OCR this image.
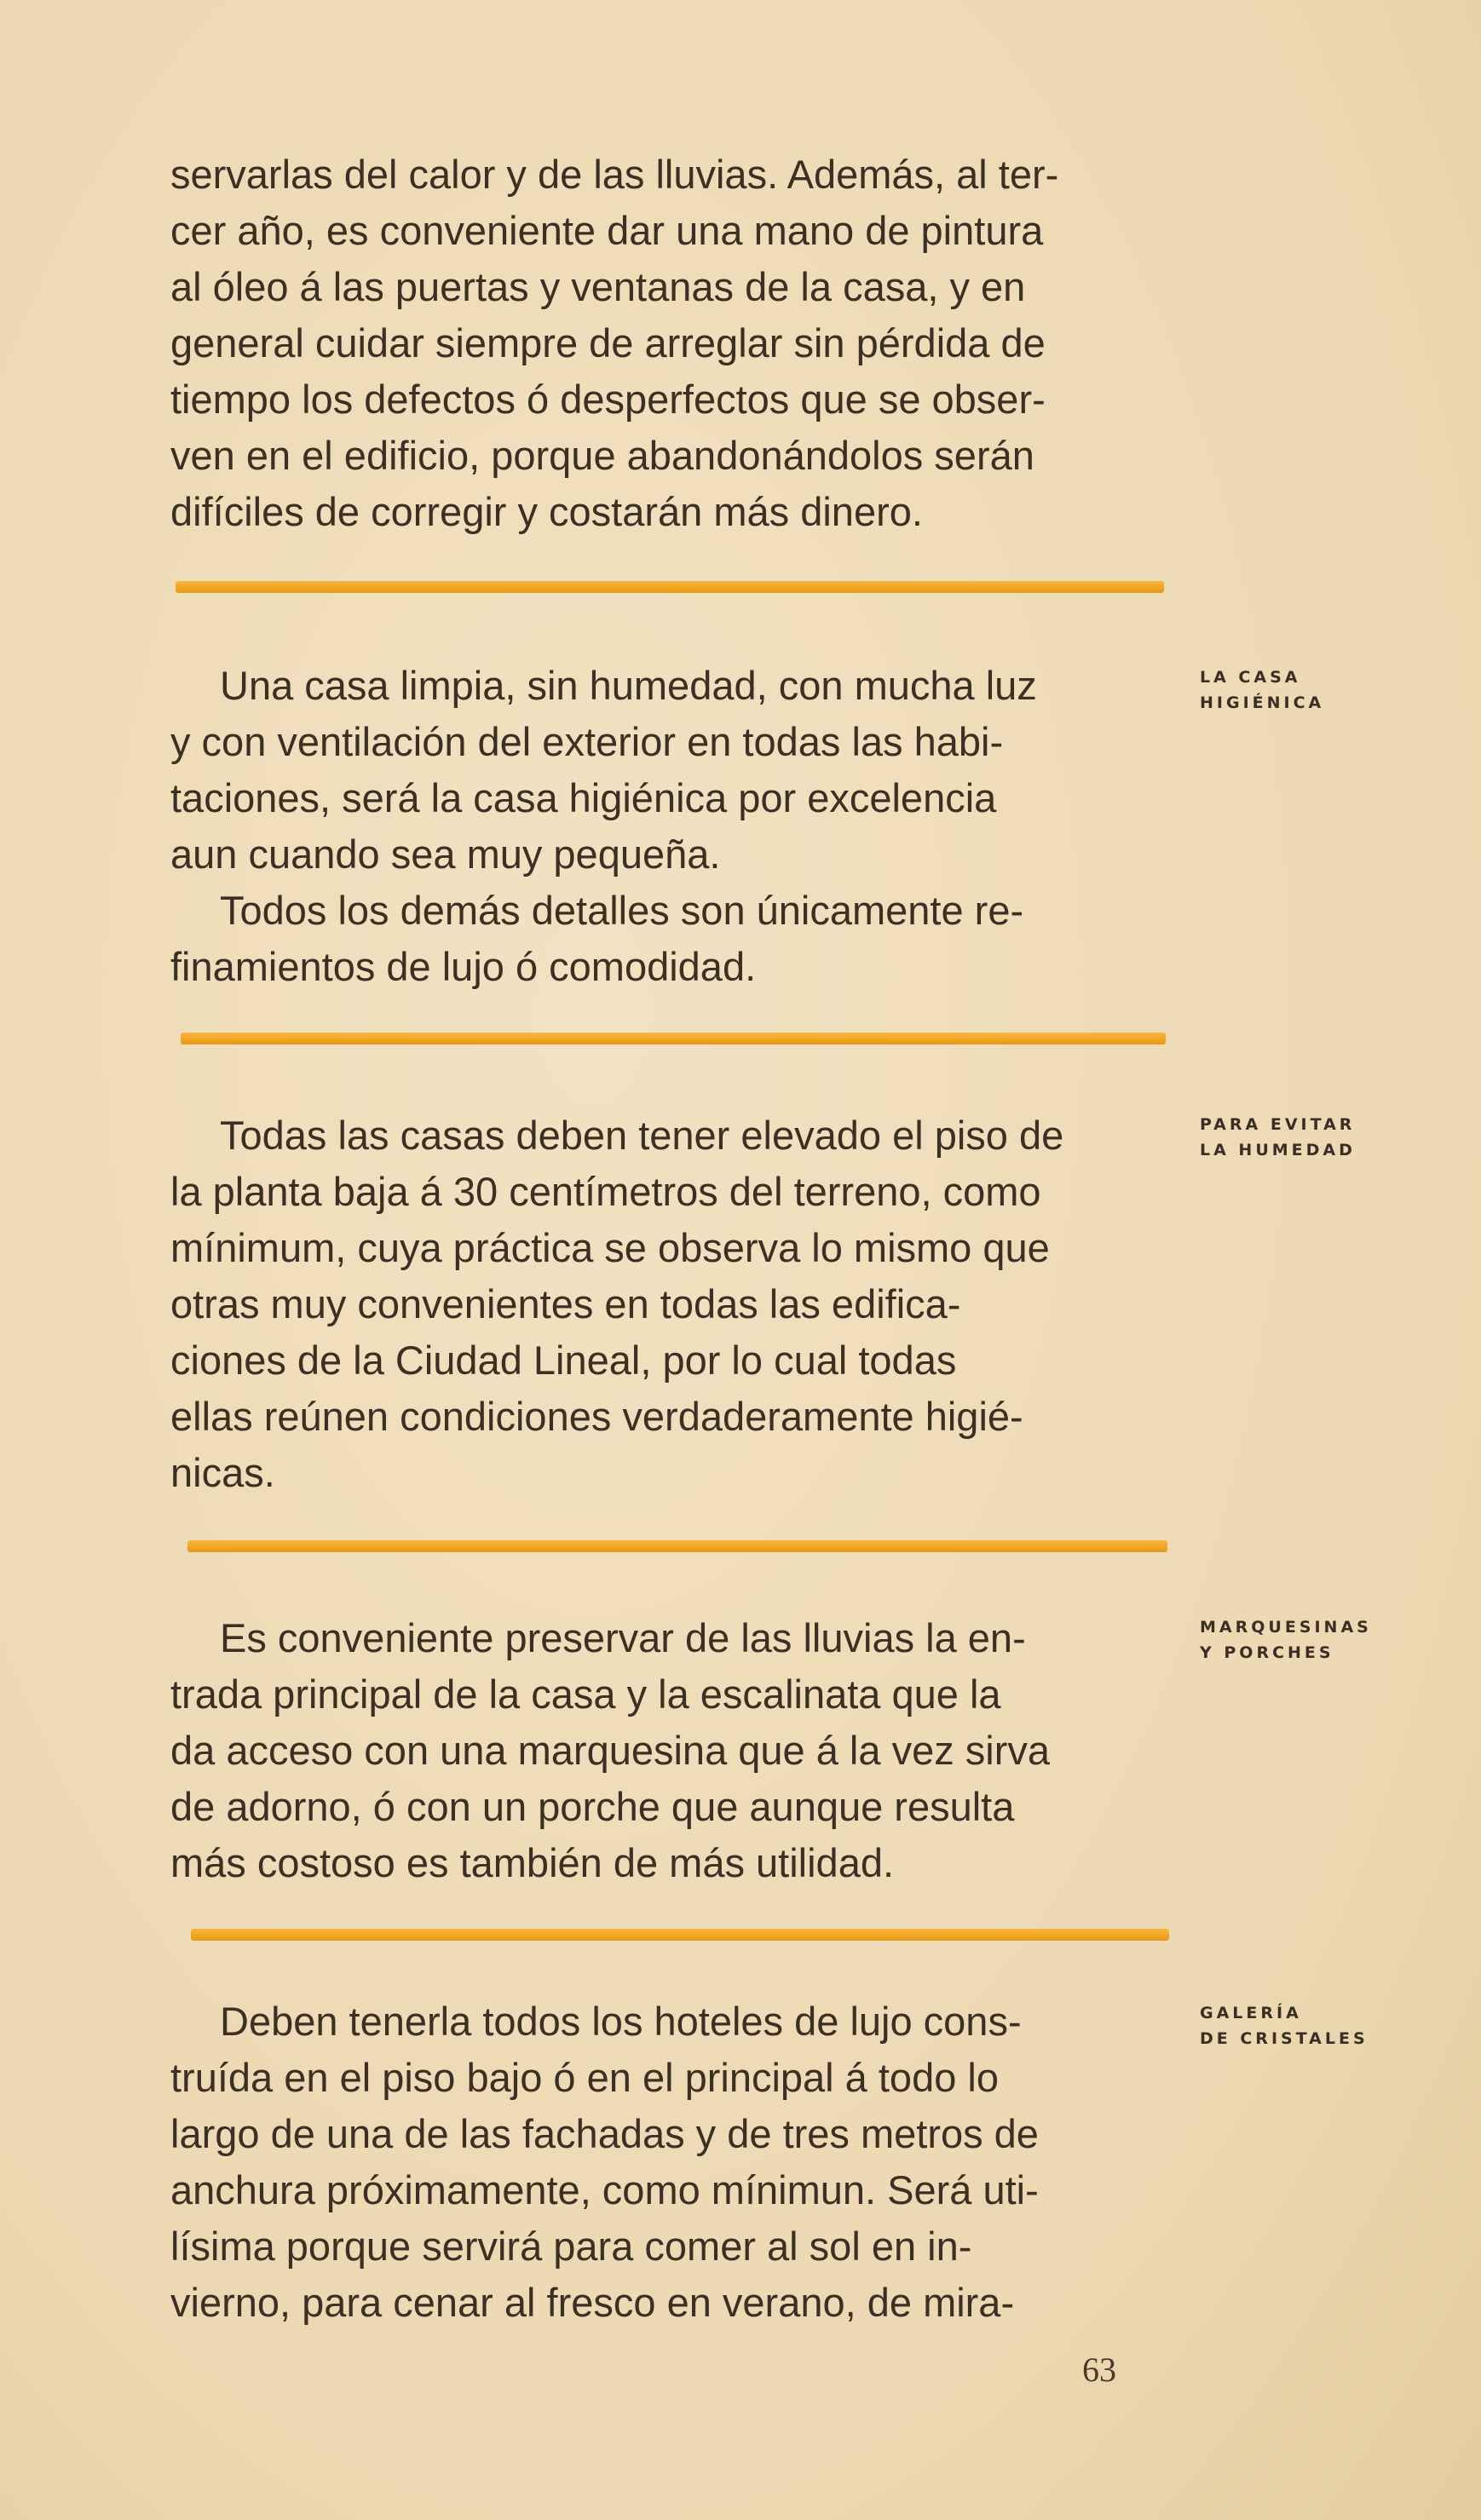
servarlas del calor y de las lluvias. Además, al ter-
cer año, es conveniente dar una mano de pintura
al óleo á las puertas y ventanas de la casa, y en
general cuidar siempre de arreglar sin pérdida de
tiempo los defectos ó desperfectos que se obser-
ven en el edificio, porque abandonándolos serán
difíciles de corregir y costarán más dinero.

LA CASA
HIGIÉNICA

Una casa limpia, sin humedad, con mucha luz
y con ventilación del exterior en todas las habi-
taciones, será la casa higiénica por excelencia
aun cuando sea muy pequeña.

Todos los demás detalles son únicamente re-
finamientos de lujo ó comodidad.

PARA EVITAR
LA HUMEDAD

Todas las casas deben tener elevado el piso de
la planta baja á 30 centímetros del terreno, como
mínimum, cuya práctica se observa lo mismo que
otras muy convenientes en todas las edifica-
ciones de la Ciudad Lineal, por lo cual todas
ellas reúnen condiciones verdaderamente higié-
nicas.

MARQUESINAS
Y PORCHES

Es conveniente preservar de las lluvias la en-
trada principal de la casa y la escalinata que la
da acceso con una marquesina que á la vez sirva
de adorno, ó con un porche que aunque resulta
más costoso es también de más utilidad.

GALERÍA
DE CRISTALES

Deben tenerla todos los hoteles de lujo cons-
truída en el piso bajo ó en el principal á todo lo
largo de una de las fachadas y de tres metros de
anchura próximamente, como mínimun. Será uti-
lísima porque servirá para comer al sol en in-
vierno, para cenar al fresco en verano, de mira-

63
